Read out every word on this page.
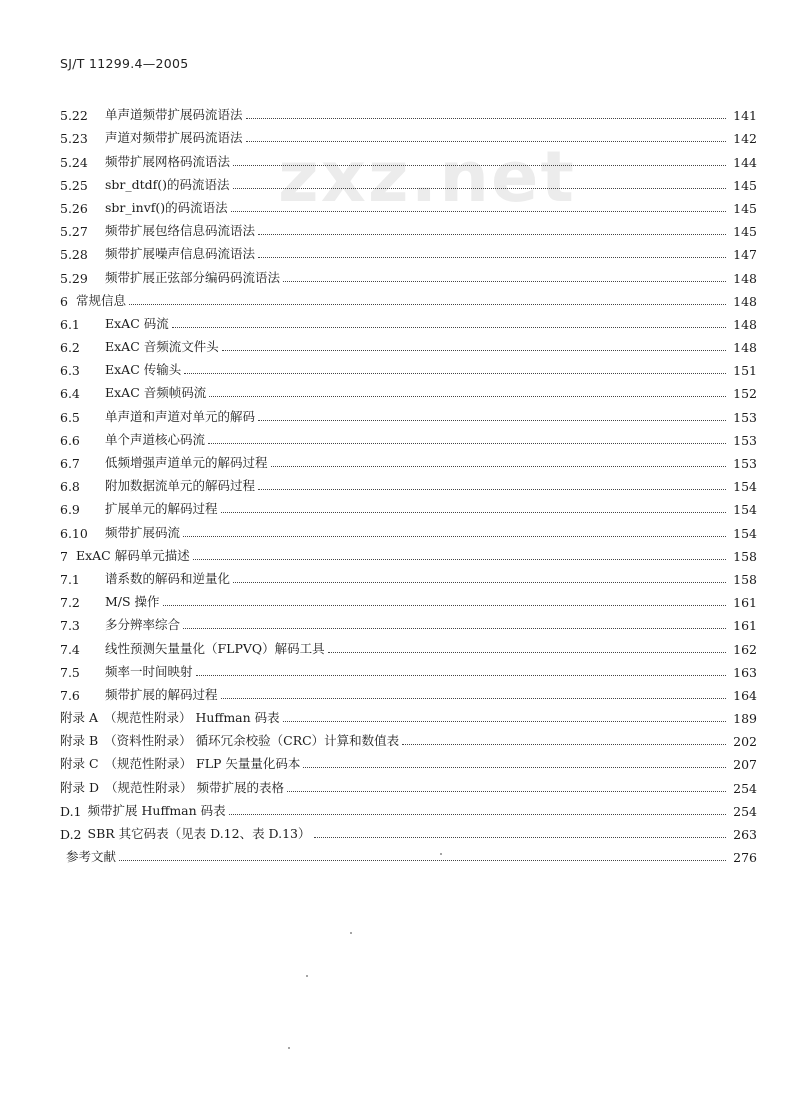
SJ/T 11299.4—2005
zxz.net
5.22	单声道频带扩展码流语法	141
5.23	声道对频带扩展码流语法	142
5.24	频带扩展网格码流语法	144
5.25	sbr_dtdf()的码流语法	145
5.26	sbr_invf()的码流语法	145
5.27	频带扩展包络信息码流语法	145
5.28	频带扩展噪声信息码流语法	147
5.29	频带扩展正弦部分编码码流语法	148
6 常规信息	148
6.1	ExAC 码流	148
6.2	ExAC 音频流文件头	148
6.3	ExAC 传输头	151
6.4	ExAC 音频帧码流	152
6.5	单声道和声道对单元的解码	153
6.6	单个声道核心码流	153
6.7	低频增强声道单元的解码过程	153
6.8	附加数据流单元的解码过程	154
6.9	扩展单元的解码过程	154
6.10	频带扩展码流	154
7 ExAC 解码单元描述	158
7.1	谱系数的解码和逆量化	158
7.2	M/S 操作	161
7.3	多分辨率综合	161
7.4	线性预测矢量量化（FLPVQ）解码工具	162
7.5	频率一时间映射	163
7.6	频带扩展的解码过程	164
附录 A （规范性附录） Huffman 码表	189
附录 B （资料性附录） 循环冗余校验（CRC）计算和数值表	202
附录 C （规范性附录） FLP 矢量量化码本	207
附录 D （规范性附录） 频带扩展的表格	254
D.1 频带扩展 Huffman 码表	254
D.2 SBR 其它码表（见表 D.12、表 D.13）	263
参考文献	276
